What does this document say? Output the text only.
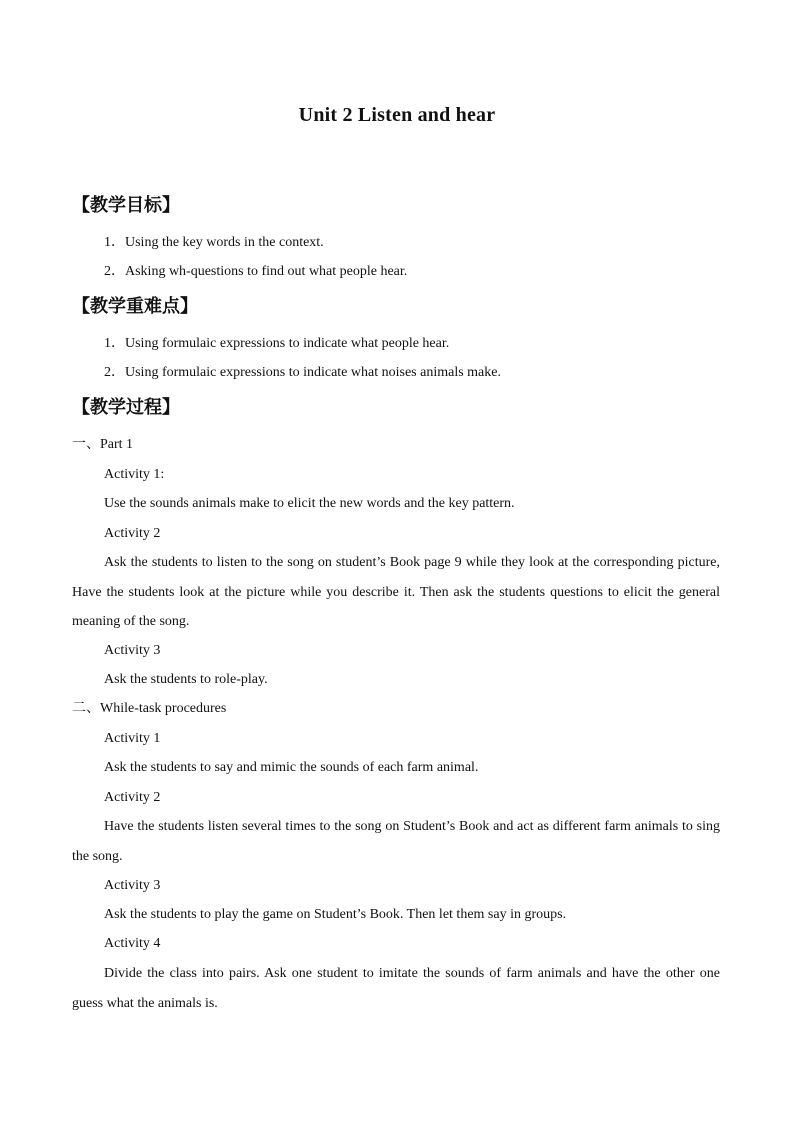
Unit 2 Listen and hear
【教学目标】
1．Using the key words in the context.
2．Asking wh-questions to find out what people hear.
【教学重难点】
1．Using formulaic expressions to indicate what people hear.
2．Using formulaic expressions to indicate what noises animals make.
【教学过程】
一、Part 1
Activity 1:
Use the sounds animals make to elicit the new words and the key pattern.
Activity 2
Ask the students to listen to the song on student’s Book page 9 while they look at the corresponding picture, Have the students look at the picture while you describe it. Then ask the students questions to elicit the general meaning of the song.
Activity 3
Ask the students to role-play.
二、While-task procedures
Activity 1
Ask the students to say and mimic the sounds of each farm animal.
Activity 2
Have the students listen several times to the song on Student’s Book and act as different farm animals to sing the song.
Activity 3
Ask the students to play the game on Student’s Book. Then let them say in groups.
Activity 4
Divide the class into pairs. Ask one student to imitate the sounds of farm animals and have the other one guess what the animals is.
